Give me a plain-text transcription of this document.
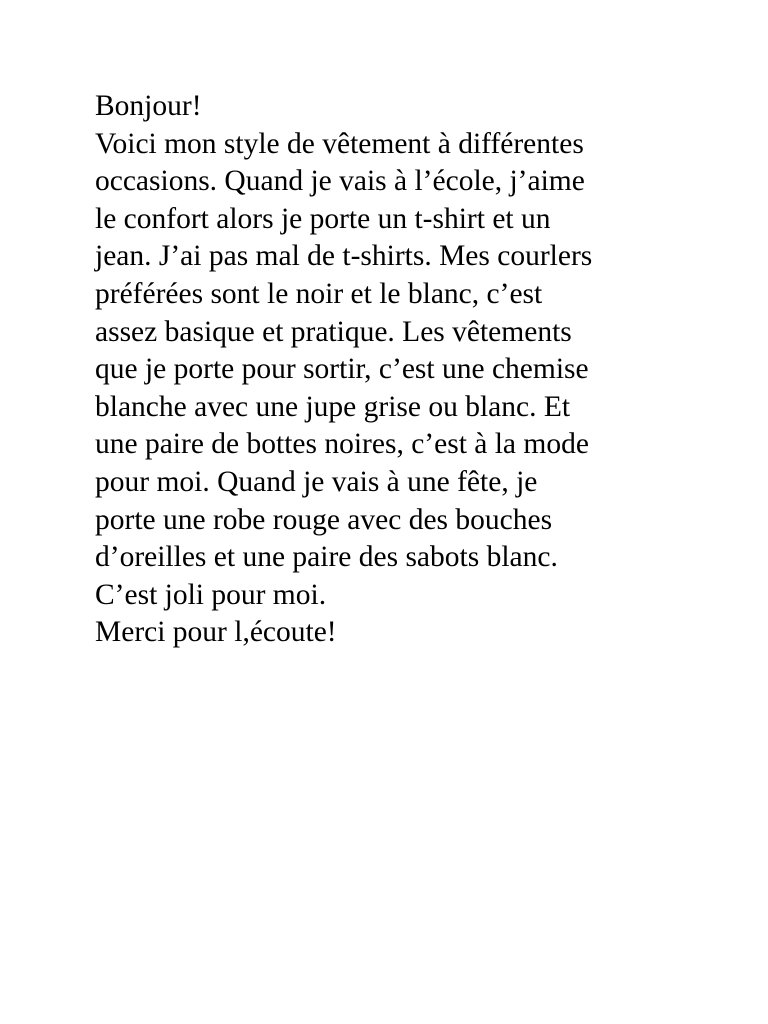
Bonjour!
Voici mon style de vêtement à différentes
occasions. Quand je vais à l’école, j’aime
le confort alors je porte un t-shirt et un
jean. J’ai pas mal de t-shirts. Mes courlers
préférées sont le noir et le blanc, c’est
assez basique et pratique. Les vêtements
que je porte pour sortir, c’est une chemise
blanche avec une jupe grise ou blanc. Et
une paire de bottes noires, c’est à la mode
pour moi. Quand je vais à une fête, je
porte une robe rouge avec des bouches
d’oreilles et une paire des sabots blanc.
C’est joli pour moi.
Merci pour l,écoute!
